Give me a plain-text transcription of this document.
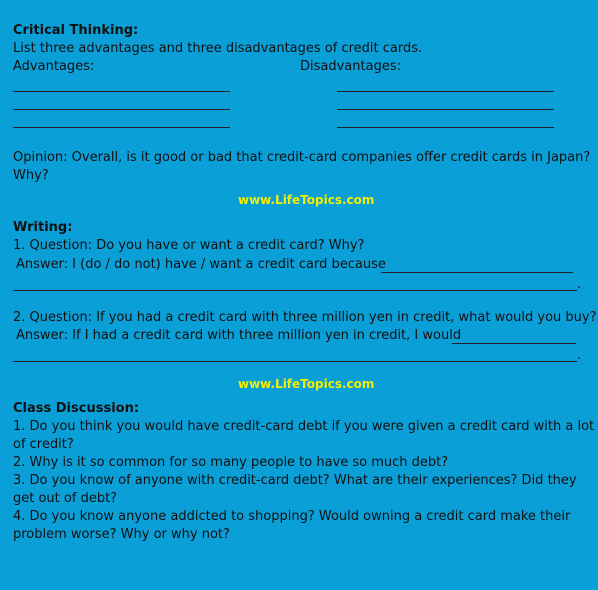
Critical Thinking:
List three advantages and three disadvantages of credit cards.
Advantages:	Disadvantages:
Opinion: Overall, is it good or bad that credit-card companies offer credit cards in Japan?
Why?
www.LifeTopics.com
Writing:
1. Question: Do you have or want a credit card? Why?
Answer: I (do / do not) have / want a credit card because
.
2. Question: If you had a credit card with three million yen in credit, what would you buy?
Answer: If I had a credit card with three million yen in credit, I would
.
www.LifeTopics.com
Class Discussion:
1. Do you think you would have credit-card debt if you were given a credit card with a lot
of credit?
2. Why is it so common for so many people to have so much debt?
3. Do you know of anyone with credit-card debt? What are their experiences? Did they
get out of debt?
4. Do you know anyone addicted to shopping? Would owning a credit card make their
problem worse? Why or why not?
